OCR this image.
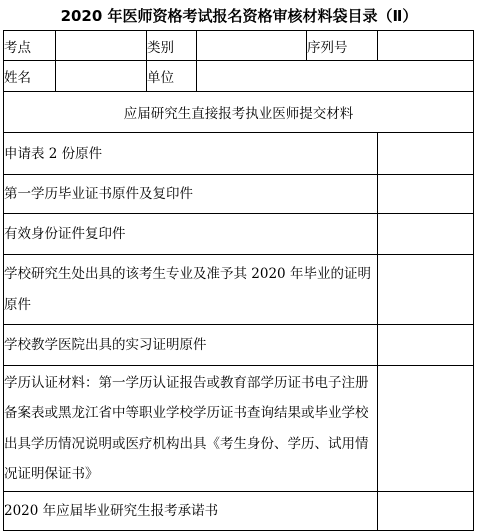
2020 年医师资格考试报名资格审核材料袋目录（Ⅱ）
考点		类别		序列号	
姓名		单位			
应届研究生直接报考执业医师提交材料					

申请表 2 份原件					

第一学历毕业证书原件及复印件					

有效身份证件复印件					

学校研究生处出具的该考生专业及准予其 2020 年毕业的证明原件					

学校教学医院出具的实习证明原件					

学历认证材料：第一学历认证报告或教育部学历证书电子注册备案表或黑龙江省中等职业学校学历证书查询结果或毕业学校出具学历情况说明或医疗机构出具《考生身份、学历、试用情况证明保证书》					

2020 年应届毕业研究生报考承诺书					
